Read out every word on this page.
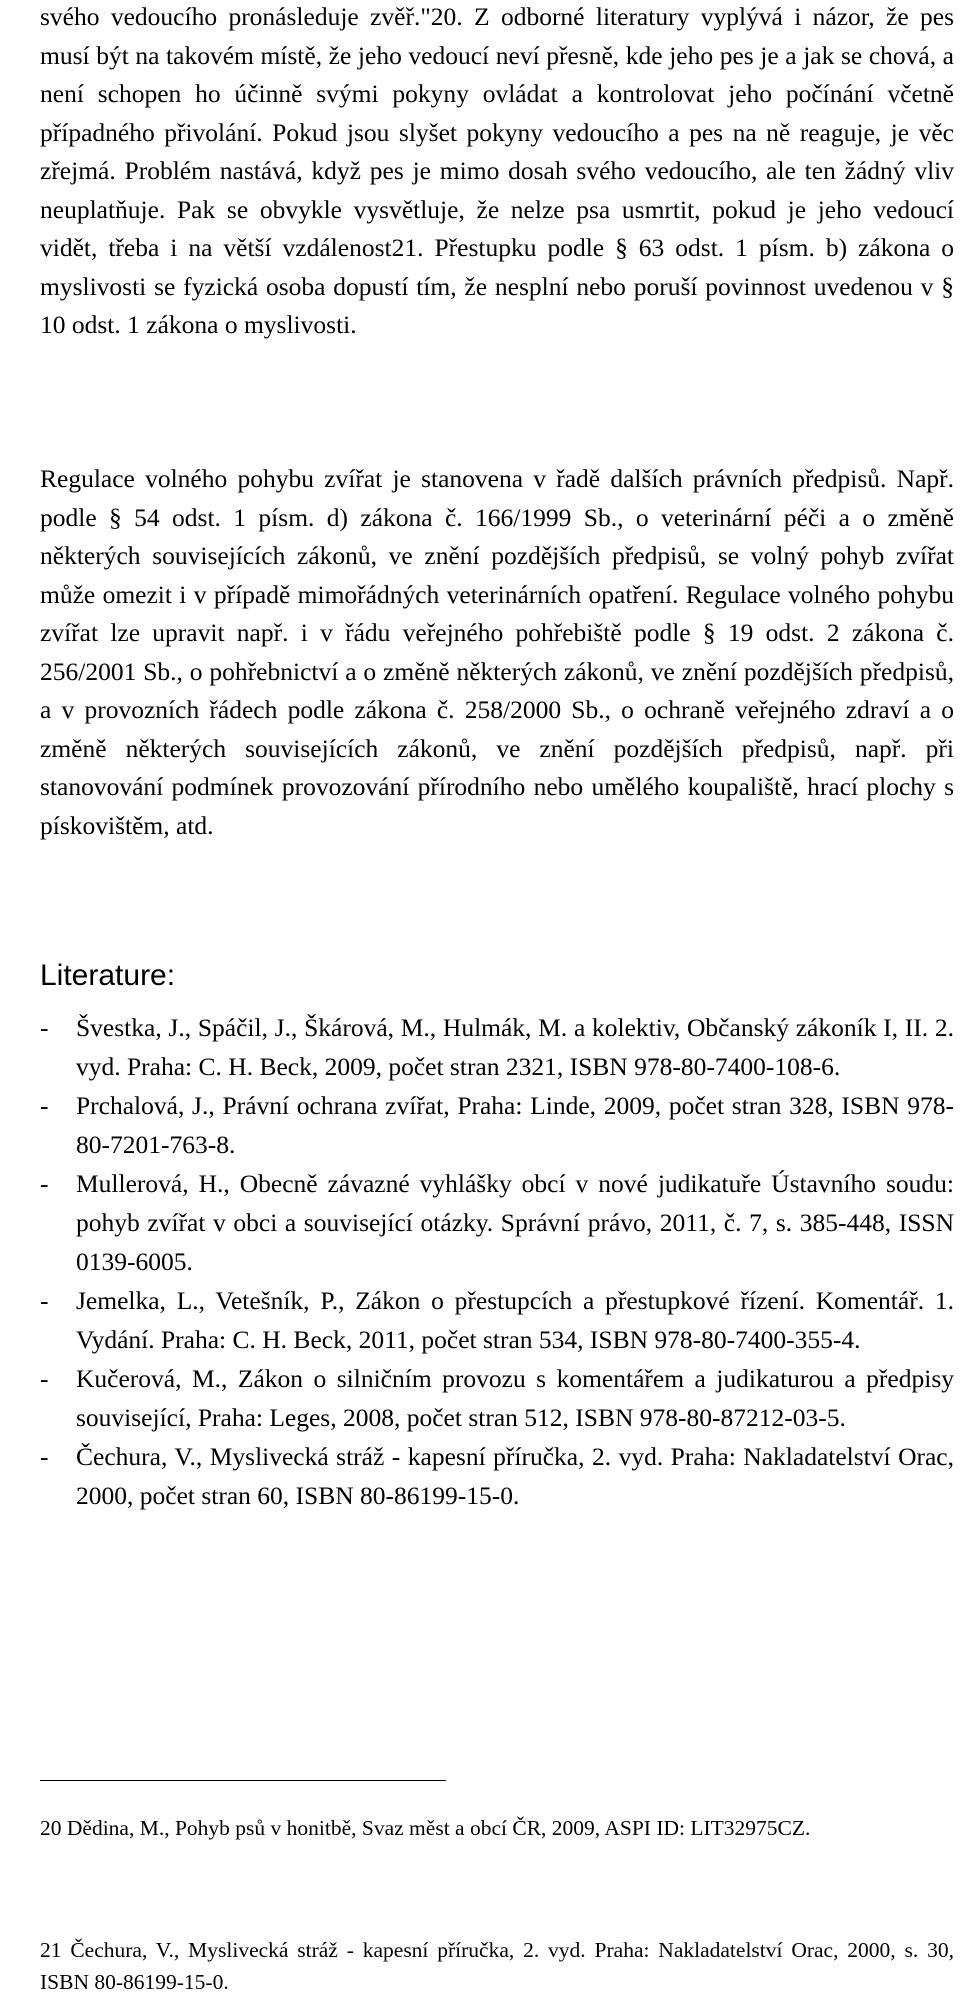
svého vedoucího pronásleduje zvěř."20. Z odborné literatury vyplývá i názor, že pes musí být na takovém místě, že jeho vedoucí neví přesně, kde jeho pes je a jak se chová, a není schopen ho účinně svými pokyny ovládat a kontrolovat jeho počínání včetně případného přivolání. Pokud jsou slyšet pokyny vedoucího a pes na ně reaguje, je věc zřejmá. Problém nastává, když pes je mimo dosah svého vedoucího, ale ten žádný vliv neuplatňuje. Pak se obvykle vysvětluje, že nelze psa usmrtit, pokud je jeho vedoucí vidět, třeba i na větší vzdálenost21. Přestupku podle § 63 odst. 1 písm. b) zákona o myslivosti se fyzická osoba dopustí tím, že nesplní nebo poruší povinnost uvedenou v § 10 odst. 1 zákona o myslivosti.

Regulace volného pohybu zvířat je stanovena v řadě dalších právních předpisů. Např. podle § 54 odst. 1 písm. d) zákona č. 166/1999 Sb., o veterinární péči a o změně některých souvisejících zákonů, ve znění pozdějších předpisů, se volný pohyb zvířat může omezit i v případě mimořádných veterinárních opatření. Regulace volného pohybu zvířat lze upravit např. i v řádu veřejného pohřebiště podle § 19 odst. 2 zákona č. 256/2001 Sb., o pohřebnictví a o změně některých zákonů, ve znění pozdějších předpisů, a v provozních řádech podle zákona č. 258/2000 Sb., o ochraně veřejného zdraví a o změně některých souvisejících zákonů, ve znění pozdějších předpisů, např. při stanovování podmínek provozování přírodního nebo umělého koupaliště, hrací plochy s pískovištěm, atd.

Literature:
- Švestka, J., Spáčil, J., Škárová, M., Hulmák, M. a kolektiv, Občanský zákoník I, II. 2. vyd. Praha: C. H. Beck, 2009, počet stran 2321, ISBN 978-80-7400-108-6.
- Prchalová, J., Právní ochrana zvířat, Praha: Linde, 2009, počet stran 328, ISBN 978-80-7201-763-8.
- Mullerová, H., Obecně závazné vyhlášky obcí v nové judikatuře Ústavního soudu: pohyb zvířat v obci a související otázky. Správní právo, 2011, č. 7, s. 385-448, ISSN 0139-6005.
- Jemelka, L., Vetešník, P., Zákon o přestupcích a přestupkové řízení. Komentář. 1. Vydání. Praha: C. H. Beck, 2011, počet stran 534, ISBN 978-80-7400-355-4.
- Kučerová, M., Zákon o silničním provozu s komentářem a judikaturou a předpisy související, Praha: Leges, 2008, počet stran 512, ISBN 978-80-87212-03-5.
- Čechura, V., Myslivecká stráž - kapesní příručka, 2. vyd. Praha: Nakladatelství Orac, 2000, počet stran 60, ISBN 80-86199-15-0.

20 Dědina, M., Pohyb psů v honitbě, Svaz měst a obcí ČR, 2009, ASPI ID: LIT32975CZ.

21 Čechura, V., Myslivecká stráž - kapesní příručka, 2. vyd. Praha: Nakladatelství Orac, 2000, s. 30, ISBN 80-86199-15-0.
